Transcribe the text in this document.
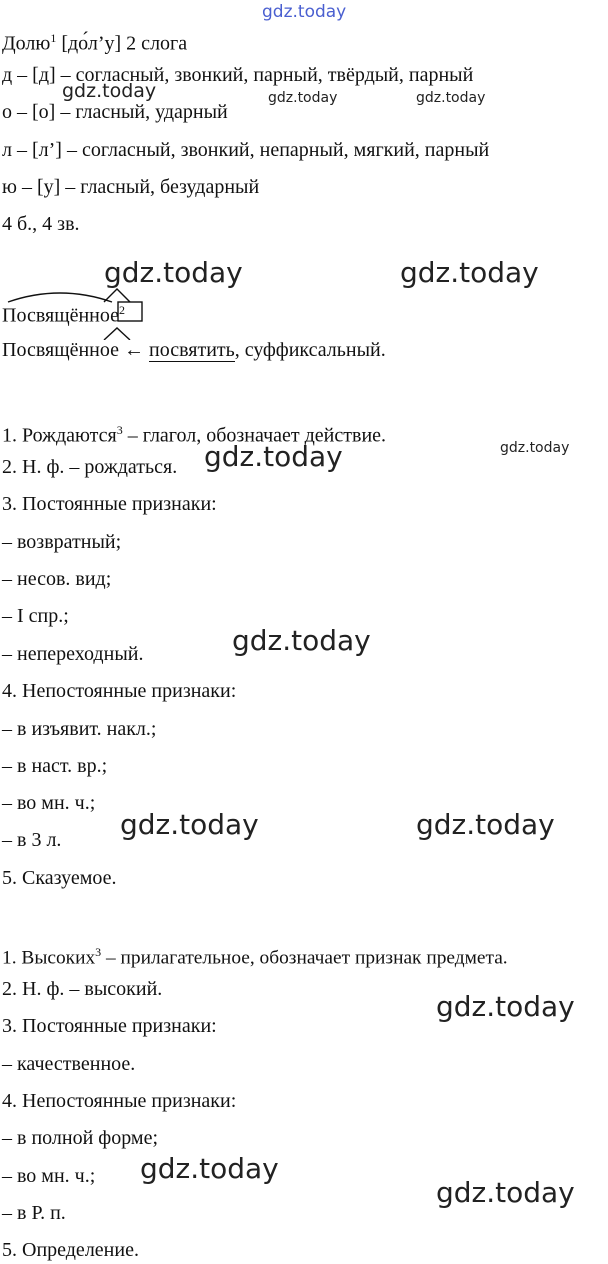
gdz.today
gdz.today	gdz.today	gdz.today
gdz.today	gdz.today
gdz.today	gdz.today
gdz.today
gdz.today	gdz.today
gdz.today
gdz.today
gdz.today
Долю$^1$ [до́л’у] 2 слога
д – [д] – согласный, звонкий, парный, твёрдый, парный
о – [о] – гласный, ударный
л – [л’] – согласный, звонкий, непарный, мягкий, парный
ю – [у] – гласный, безударный
4 б., 4 зв.
Посвящённое$^2$
Посвящённое ← посвятить, суффиксальный.
1. Рождаются$^3$ – глагол, обозначает действие.
2. Н. ф. – рождаться.
3. Постоянные признаки:
– возвратный;
– несов. вид;
– I спр.;
– непереходный.
4. Непостоянные признаки:
– в изъявит. накл.;
– в наст. вр.;
– во мн. ч.;
– в 3 л.
5. Сказуемое.
1. Высоких$^3$ – прилагательное, обозначает признак предмета.
2. Н. ф. – высокий.
3. Постоянные признаки:
– качественное.
4. Непостоянные признаки:
– в полной форме;
– во мн. ч.;
– в Р. п.
5. Определение.
